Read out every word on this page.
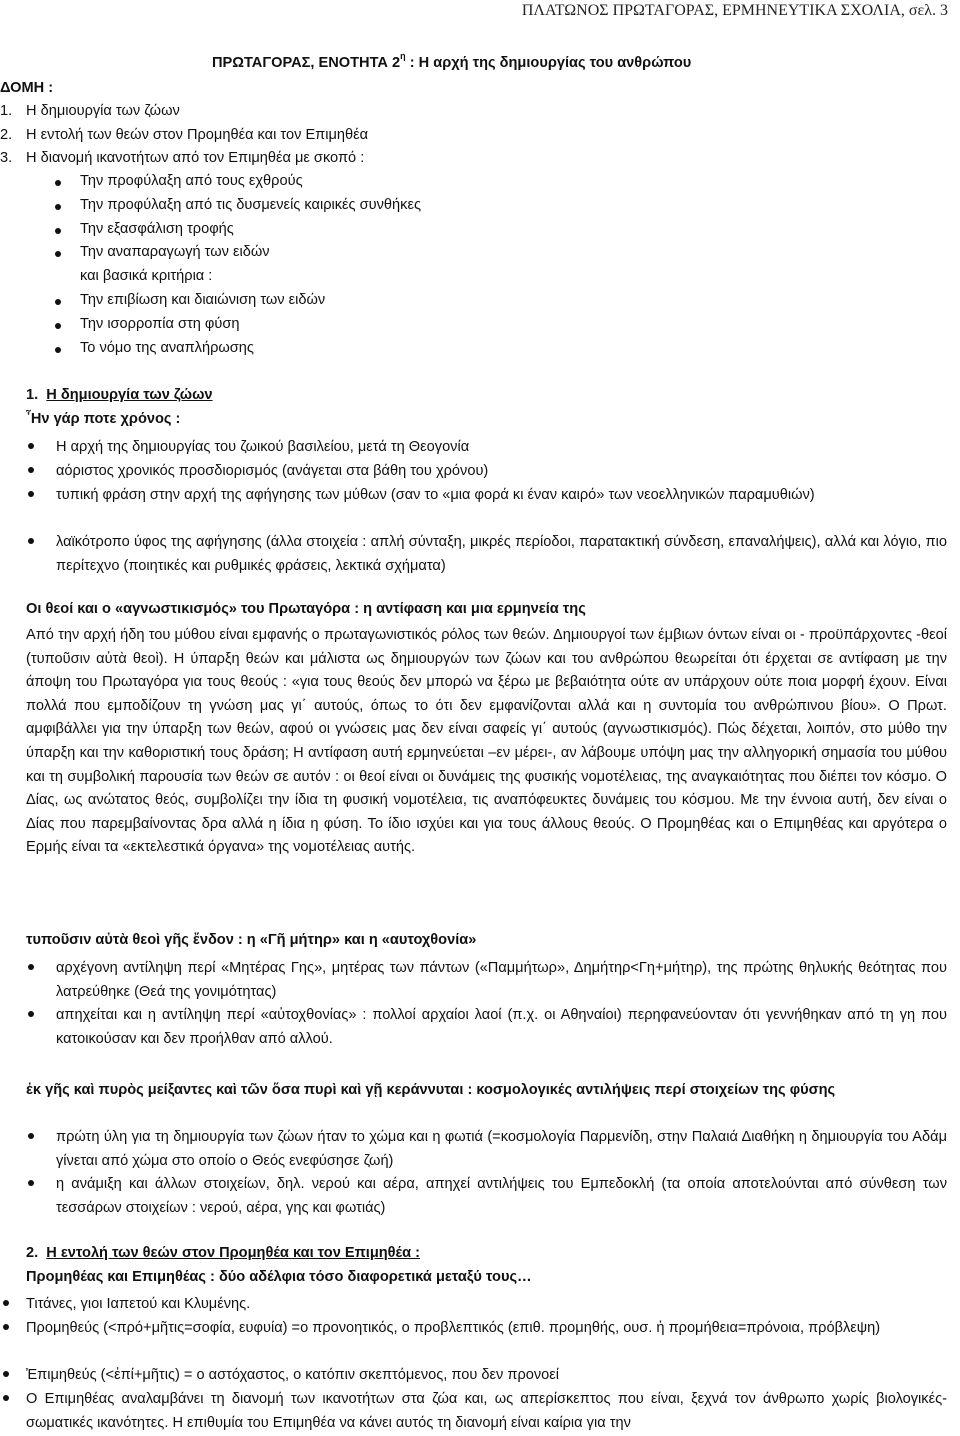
ΠΛΑΤΩΝΟΣ ΠΡΩΤΑΓΟΡΑΣ, ΕΡΜΗΝΕΥΤΙΚΑ ΣΧΟΛΙΑ, σελ. 3
ΠΡΩΤΑΓΟΡΑΣ, ΕΝΟΤΗΤΑ $2^\eta$ : Η αρχή της δημιουργίας του ανθρώπου
ΔΟΜΗ :
1. Η δημιουργία των ζώων
2. Η εντολή των θεών στον Προμηθέα και τον Επιμηθέα
3. Η διανομή ικανοτήτων από τον Επιμηθέα με σκοπό :
Την προφύλαξη από τους εχθρούς
Την προφύλαξη από τις δυσμενείς καιρικές συνθήκες
Την εξασφάλιση τροφής
Την αναπαραγωγή των ειδών
και βασικά κριτήρια :
Την επιβίωση και διαιώνιση των ειδών
Την ισορροπία στη φύση
Το νόμο της αναπλήρωσης
1. Η δημιουργία των ζώων
῏Ην γάρ ποτε χρόνος :
Η αρχή της δημιουργίας του ζωικού βασιλείου, μετά τη Θεογονία
αόριστος χρονικός προσδιορισμός (ανάγεται στα βάθη του χρόνου)
τυπική φράση στην αρχή της αφήγησης των μύθων (σαν το «μια φορά κι έναν καιρό» των νεοελληνικών παραμυθιών)
λαϊκότροπο ύφος της αφήγησης (άλλα στοιχεία : απλή σύνταξη, μικρές περίοδοι, παρατακτική σύνδεση, επαναλήψεις), αλλά και λόγιο, πιο περίτεχνο (ποιητικές και ρυθμικές φράσεις, λεκτικά σχήματα)
Οι θεοί και ο «αγνωστικισμός» του Πρωταγόρα : η αντίφαση και μια ερμηνεία της
Από την αρχή ήδη του μύθου είναι εμφανής ο πρωταγωνιστικός ρόλος των θεών. Δημιουργοί των έμβιων όντων είναι οι - προϋπάρχοντες -θεοί (τυποῦσιν αὐτὰ θεοὶ). Η ύπαρξη θεών και μάλιστα ως δημιουργών των ζώων και του ανθρώπου θεωρείται ότι έρχεται σε αντίφαση με την άποψη του Πρωταγόρα για τους θεούς : «για τους θεούς δεν μπορώ να ξέρω με βεβαιότητα ούτε αν υπάρχουν ούτε ποια μορφή έχουν. Είναι πολλά που εμποδίζουν τη γνώση μας γι΄ αυτούς, όπως το ότι δεν εμφανίζονται αλλά και η συντομία του ανθρώπινου βίου». Ο Πρωτ. αμφιβάλλει για την ύπαρξη των θεών, αφού οι γνώσεις μας δεν είναι σαφείς γι΄ αυτούς (αγνωστικισμός). Πώς δέχεται, λοιπόν, στο μύθο την ύπαρξη και την καθοριστική τους δράση; Η αντίφαση αυτή ερμηνεύεται –εν μέρει-, αν λάβουμε υπόψη μας την αλληγορική σημασία του μύθου και τη συμβολική παρουσία των θεών σε αυτόν : οι θεοί είναι οι δυνάμεις της φυσικής νομοτέλειας, της αναγκαιότητας που διέπει τον κόσμο. Ο Δίας, ως ανώτατος θεός, συμβολίζει την ίδια τη φυσική νομοτέλεια, τις αναπόφευκτες δυνάμεις του κόσμου. Με την έννοια αυτή, δεν είναι ο Δίας που παρεμβαίνοντας δρα αλλά η ίδια η φύση. Το ίδιο ισχύει και για τους άλλους θεούς. Ο Προμηθέας και ο Επιμηθέας και αργότερα ο Ερμής είναι τα «εκτελεστικά όργανα» της νομοτέλειας αυτής.
τυποῦσιν αὐτὰ θεοὶ γῆς ἔνδον : η «Γῆ μήτηρ» και η «αυτοχθονία»
αρχέγονη αντίληψη περί «Μητέρας Γης», μητέρας των πάντων («Παμμήτωρ», Δημήτηρ<Γη+μήτηρ), της πρώτης θηλυκής θεότητας που λατρεύθηκε (Θεά της γονιμότητας)
απηχείται και η αντίληψη περί «αὐτοχθονίας» : πολλοί αρχαίοι λαοί (π.χ. οι Αθηναίοι) περηφανεύονταν ότι γεννήθηκαν από τη γη που κατοικούσαν και δεν προήλθαν από αλλού.
ἐκ γῆς καὶ πυρὸς μείξαντες καὶ τῶν ὅσα πυρὶ καὶ γῇ κεράννυται : κοσμολογικές αντιλήψεις περί στοιχείων της φύσης
πρώτη ύλη για τη δημιουργία των ζώων ήταν το χώμα και η φωτιά (=κοσμολογία Παρμενίδη, στην Παλαιά Διαθήκη η δημιουργία του Αδάμ γίνεται από χώμα στο οποίο ο Θεός ενεφύσησε ζωή)
η ανάμιξη και άλλων στοιχείων, δηλ. νερού και αέρα, απηχεί αντιλήψεις του Εμπεδοκλή (τα οποία αποτελούνται από σύνθεση των τεσσάρων στοιχείων : νερού, αέρα, γης και φωτιάς)
2. Η εντολή των θεών στον Προμηθέα και τον Επιμηθέα :
Προμηθέας και Επιμηθέας : δύο αδέλφια τόσο διαφορετικά μεταξύ τους…
Τιτάνες, γιοι Ιαπετού και Κλυμένης.
Προμηθεύς (<πρό+μῆτις=σοφία, ευφυία) =ο προνοητικός, ο προβλεπτικός (επιθ. προμηθής, ουσ. ἡ προμήθεια=πρόνοια, πρόβλεψη)
Ἐπιμηθεύς (<ἐπί+μῆτις) = ο αστόχαστος, ο κατόπιν σκεπτόμενος, που δεν προνοεί
Ο Επιμηθέας αναλαμβάνει τη διανομή των ικανοτήτων στα ζώα και, ως απερίσκεπτος που είναι, ξεχνά τον άνθρωπο χωρίς βιολογικές-σωματικές ικανότητες. Η επιθυμία του Επιμηθέα να κάνει αυτός τη διανομή είναι καίρια για την
